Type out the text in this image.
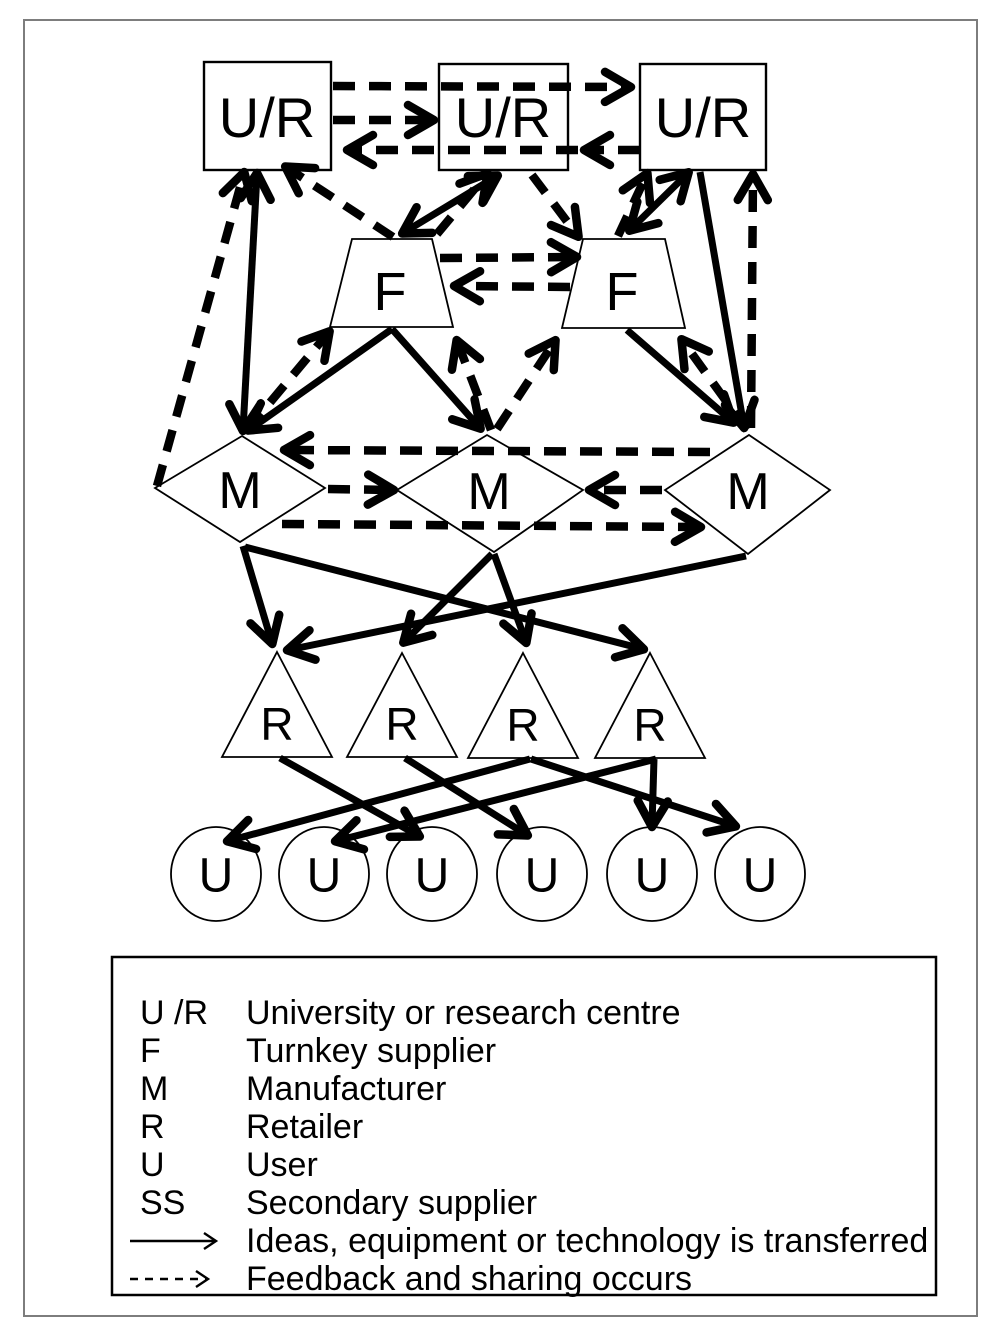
U/R U/R U/R
F	F
M	M	M
R R R R
U U U U U U
U /R University or research centre
F	Turnkey supplier
M Manufacturer
R Retailer
U User
SS Secondary supplier
Ideas, equipment or technology is transferred
Feedback and sharing occurs
